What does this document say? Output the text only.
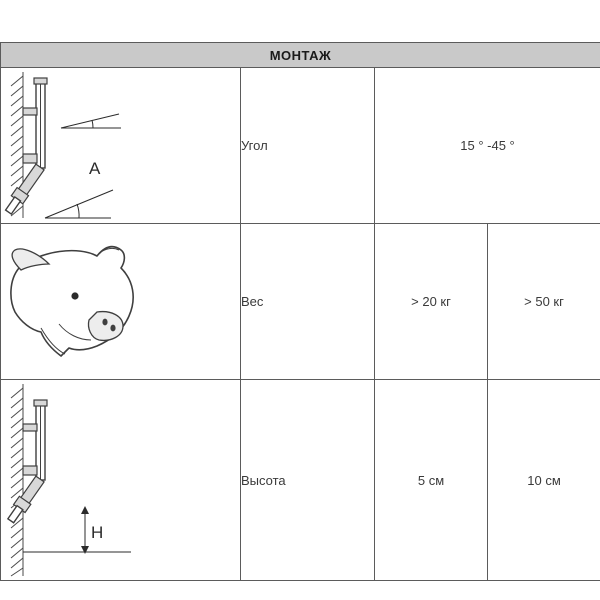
МОНТАЖ			

A	Угол	15 ° -45 °	

	Вес	> 20 кг	> 50 кг

H	Высота	5 см	10 см
